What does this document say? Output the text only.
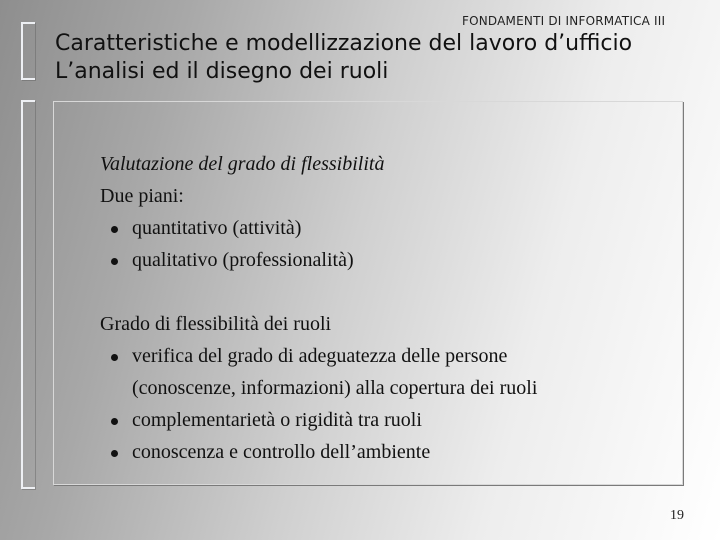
FONDAMENTI DI INFORMATICA III
Caratteristiche e modellizzazione del lavoro d’ufficio
L’analisi ed il disegno dei ruoli
Valutazione del grado di flessibilità
Due piani:
quantitativo (attività)
qualitativo (professionalità)
Grado di flessibilità dei ruoli
verifica del grado di adeguatezza delle persone
(conoscenze, informazioni) alla copertura dei ruoli
complementarietà o rigidità tra ruoli
conoscenza e controllo dell’ambiente
19
